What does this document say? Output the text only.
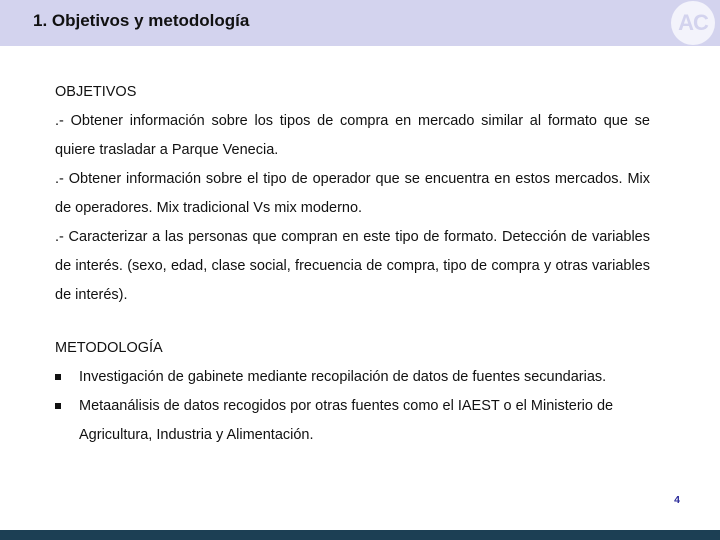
1. Objetivos y metodología	AC
OBJETIVOS

.- Obtener información sobre los tipos de compra en mercado similar al formato que se quiere trasladar a Parque Venecia.

.- Obtener información sobre el tipo de operador que se encuentra en estos mercados. Mix de operadores. Mix tradicional Vs mix moderno.

.- Caracterizar a las personas que compran en este tipo de formato. Detección de variables de interés. (sexo, edad, clase social, frecuencia de compra, tipo de compra y otras variables de interés).

METODOLOGÍA
Investigación de gabinete mediante recopilación de datos de fuentes secundarias.
Metaanálisis de datos recogidos por otras fuentes como el IAEST o el Ministerio de Agricultura, Industria y Alimentación.
4
